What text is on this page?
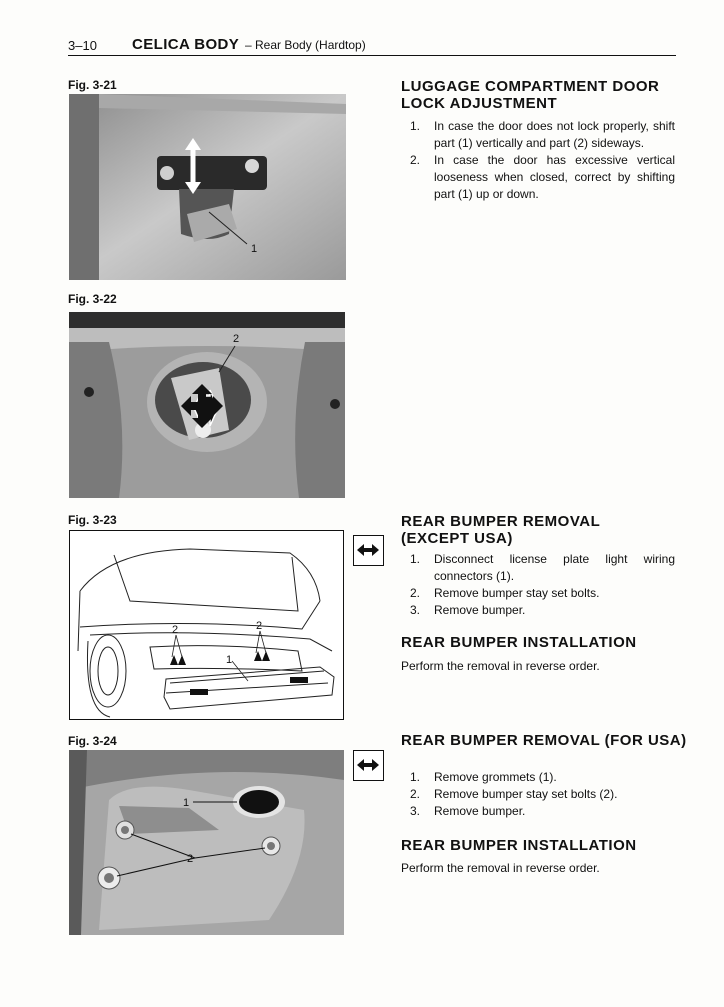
3–10 CELICA BODY – Rear Body (Hardtop)
Fig. 3-21
1
Fig. 3-22
2
Fig. 3-23
2	2
1
Fig. 3-24
1
2
LUGGAGE COMPARTMENT DOOR
LOCK ADJUSTMENT
1. In case the door does not lock properly, shift part (1) vertically and part (2) sideways.
2. In case the door has excessive vertical looseness when closed, correct by shifting part (1) up or down.
REAR BUMPER REMOVAL
(EXCEPT USA)
1. Disconnect license plate light wiring connectors (1).
2. Remove bumper stay set bolts.
3. Remove bumper.
REAR BUMPER INSTALLATION
Perform the removal in reverse order.
REAR BUMPER REMOVAL (FOR USA)
1. Remove grommets (1).
2. Remove bumper stay set bolts (2).
3. Remove bumper.
REAR BUMPER INSTALLATION
Perform the removal in reverse order.
